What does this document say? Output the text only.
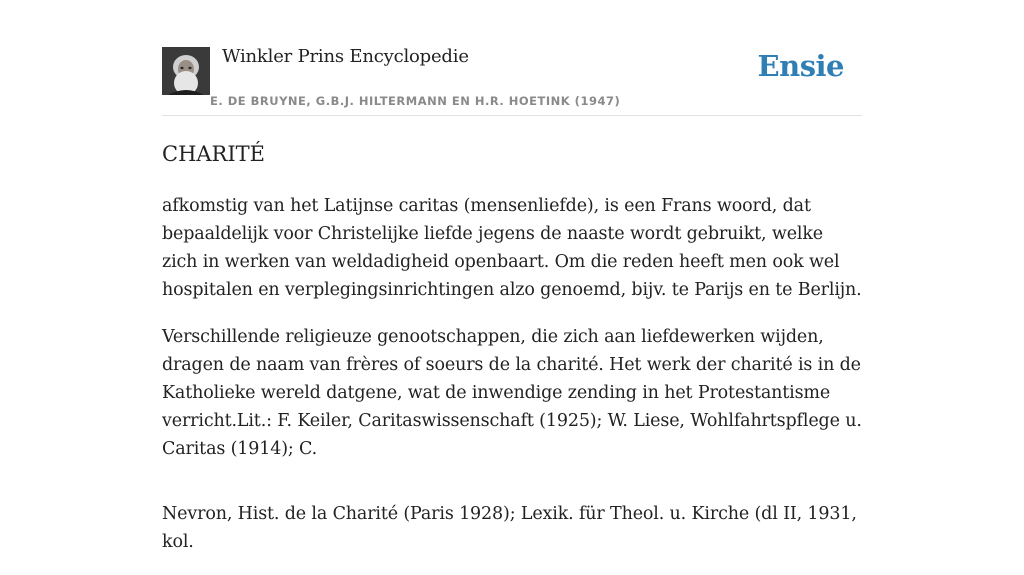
Winkler Prins Encyclopedie
E. DE BRUYNE, G.B.J. HILTERMANN EN H.R. HOETINK (1947)
Ensie
CHARITÉ

afkomstig van het Latijnse caritas (mensenliefde), is een Frans woord, dat bepaaldelijk voor Christelijke liefde jegens de naaste wordt gebruikt, welke zich in werken van weldadigheid openbaart. Om die reden heeft men ook wel hospitalen en verplegingsinrichtingen alzo genoemd, bijv. te Parijs en te Berlijn.

Verschillende religieuze genootschappen, die zich aan liefdewerken wijden, dragen de naam van frères of soeurs de la charité. Het werk der charité is in de Katholieke wereld datgene, wat de inwendige zending in het Protestantisme verricht.Lit.: F. Keiler, Caritaswissenschaft (1925); W. Liese, Wohlfahrtspflege u. Caritas (1914); C.

Nevron, Hist. de la Charité (Paris 1928); Lexik. für Theol. u. Kirche (dl II, 1931, kol.
